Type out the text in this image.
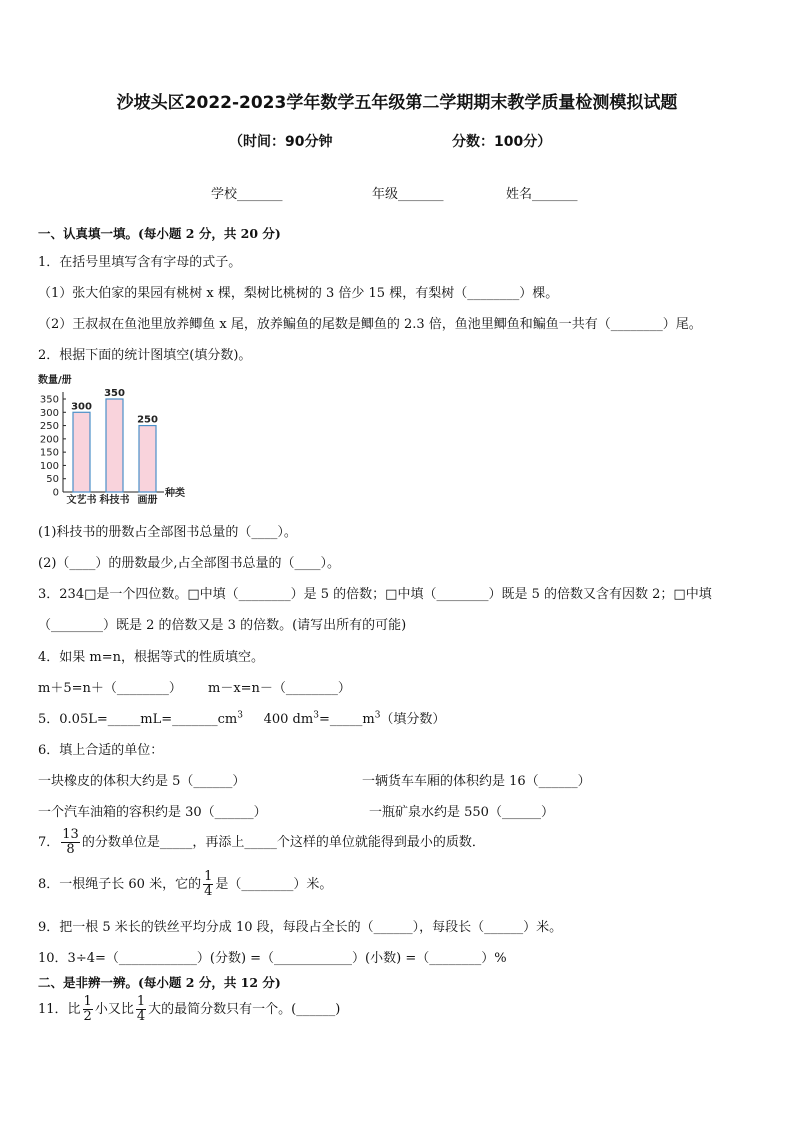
沙坡头区2022-2023学年数学五年级第二学期期末教学质量检测模拟试题
（时间：90分钟	分数：100分）
学校_______	年级_______	姓名_______
一、认真填一填。(每小题 2 分，共 20 分)
1．在括号里填写含有字母的式子。
（1）张大伯家的果园有桃树 x 棵，梨树比桃树的 3 倍少 15 棵，有梨树（________）棵。
（2）王叔叔在鱼池里放养鲫鱼 x 尾，放养鳊鱼的尾数是鲫鱼的 2.3 倍，鱼池里鲫鱼和鳊鱼一共有（________）尾。
2．根据下面的统计图填空(填分数)。
数量/册
0
50
100
150
200
250
300
350
300
文艺书
350
科技书
250
画册
种类
(1)科技书的册数占全部图书总量的（____）。
(2)（____）的册数最少,占全部图书总量的（____）。
3．234□是一个四位数。□中填（________）是 5 的倍数；□中填（________）既是 5 的倍数又含有因数 2；□中填
（________）既是 2 的倍数又是 3 的倍数。(请写出所有的可能)
4．如果 m=n，根据等式的性质填空。
m＋5=n＋（________） m－x=n－（________）
5．$0.05L=\_\_\_\_\_mL=\_\_\_\_\_\_\_cm^3$ 400 $dm^3=\_\_\_\_\_m^3$（填分数）
6．填上合适的单位：
一块橡皮的体积大约是 5（______）	一辆货车车厢的体积约是 16（______）
一个汽车油箱的容积约是 30（______）	一瓶矿泉水约是 550（______）
7． $\frac{13}{8}$ 的分数单位是_____，再添上_____个这样的单位就能得到最小的质数．
8．一根绳子长 60 米，它的 $\frac{1}{4}$ 是（________）米。
9．把一根 5 米长的铁丝平均分成 10 段，每段占全长的（______），每段长（______）米。
10．3÷4=（____________）(分数) =（____________）(小数) =（________）%
二、是非辨一辨。(每小题 2 分，共 12 分)
11．比 $\frac{1}{2}$ 小又比 $\frac{1}{4}$ 大的最简分数只有一个。(______)
